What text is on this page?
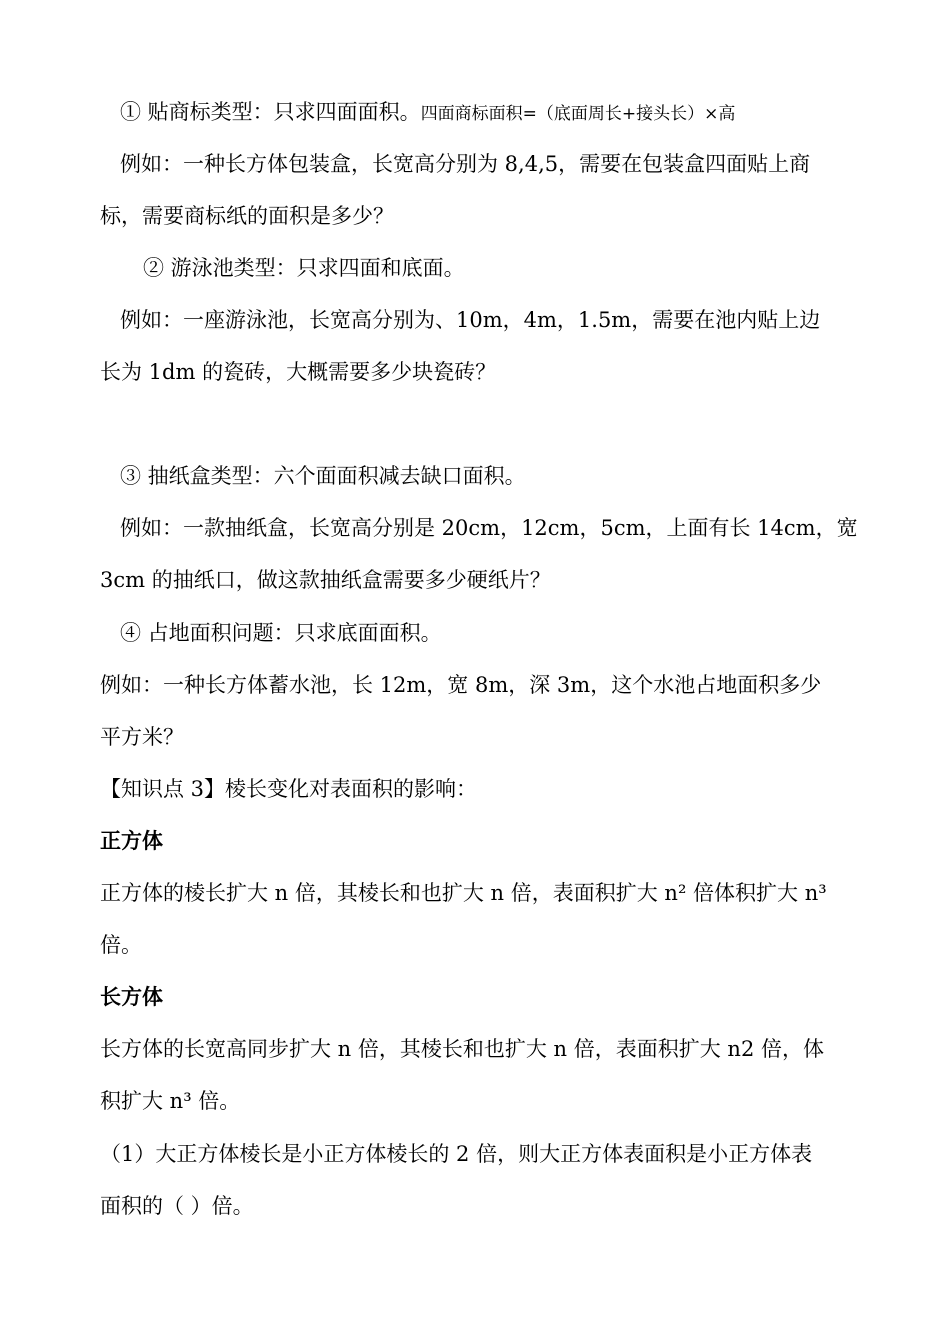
① 贴商标类型：只求四面面积。四面商标面积=（底面周长+接头长）×高
例如：一种长方体包装盒，长宽高分别为 8,4,5，需要在包装盒四面贴上商
标，需要商标纸的面积是多少？
② 游泳池类型：只求四面和底面。
例如：一座游泳池，长宽高分别为、10m，4m，1.5m，需要在池内贴上边
长为 1dm 的瓷砖，大概需要多少块瓷砖？
③ 抽纸盒类型：六个面面积减去缺口面积。
例如：一款抽纸盒，长宽高分别是 20cm，12cm，5cm，上面有长 14cm，宽
3cm 的抽纸口，做这款抽纸盒需要多少硬纸片？
④ 占地面积问题：只求底面面积。
例如：一种长方体蓄水池，长 12m，宽 8m，深 3m，这个水池占地面积多少
平方米？
【知识点 3】棱长变化对表面积的影响：
正方体
正方体的棱长扩大 n 倍，其棱长和也扩大 n 倍，表面积扩大 n² 倍体积扩大 n³
倍。
长方体
长方体的长宽高同步扩大 n 倍，其棱长和也扩大 n 倍，表面积扩大 n2 倍，体
积扩大 n³ 倍。
（1）大正方体棱长是小正方体棱长的 2 倍，则大正方体表面积是小正方体表
面积的（ ）倍。
